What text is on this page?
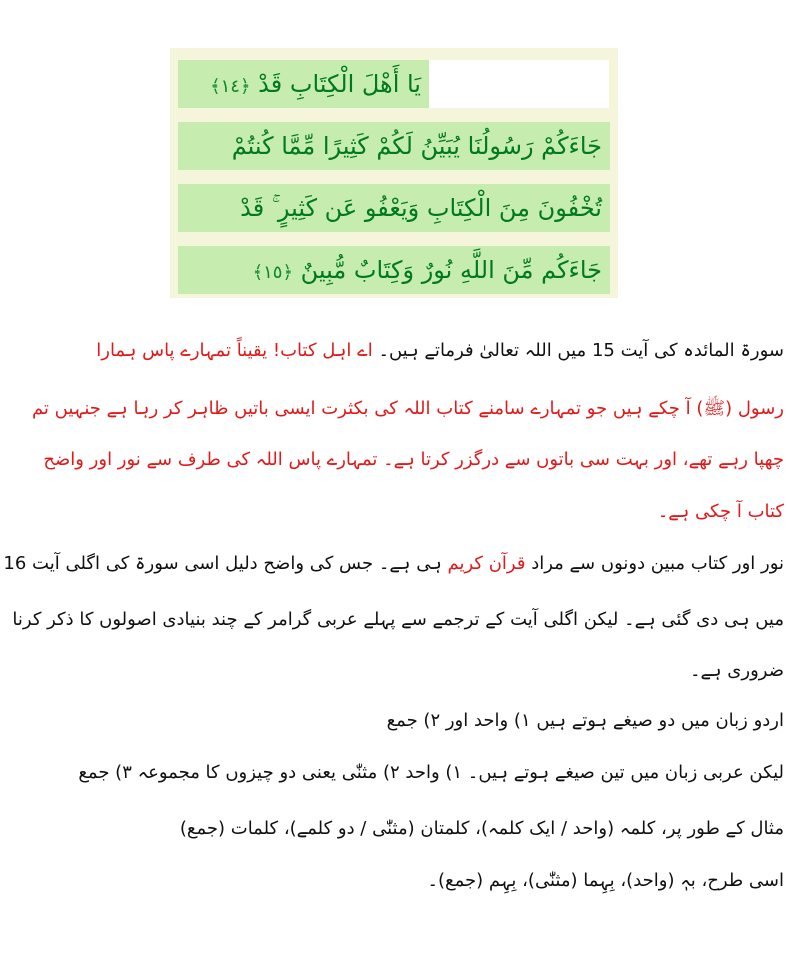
يَا أَهْلَ الْكِتَابِ قَدْ ﴿١٤﴾
جَاءَكُمْ رَسُولُنَا يُبَيِّنُ لَكُمْ كَثِيرًا مِّمَّا كُنتُمْ
تُخْفُونَ مِنَ الْكِتَابِ وَيَعْفُو عَن كَثِيرٍ ۚ قَدْ
جَاءَكُم مِّنَ اللَّهِ نُورٌ وَكِتَابٌ مُّبِينٌ ﴿١٥﴾
سورۃ المائدہ کی آیت 15 میں اللہ تعالیٰ فرماتے ہیں۔ اے اہل کتاب! یقیناً تمہارے پاس ہمارا
رسول (ﷺ) آ چکے ہیں جو تمہارے سامنے کتاب اللہ کی بکثرت ایسی باتیں ظاہر کر رہا ہے جنہیں تم
چھپا رہے تھے، اور بہت سی باتوں سے درگزر کرتا ہے۔ تمہارے پاس اللہ کی طرف سے نور اور واضح
کتاب آ چکی ہے۔
نور اور کتاب مبین دونوں سے مراد قرآن کریم ہی ہے۔ جس کی واضح دلیل اسی سورۃ کی اگلی آیت 16
میں ہی دی گئی ہے۔ لیکن اگلی آیت کے ترجمے سے پہلے عربی گرامر کے چند بنیادی اصولوں کا ذکر کرنا
ضروری ہے۔
اردو زبان میں دو صیغے ہوتے ہیں ۱) واحد اور ۲) جمع
لیکن عربی زبان میں تین صیغے ہوتے ہیں۔ ۱) واحد ۲) مثنّٰی یعنی دو چیزوں کا مجموعہ ۳) جمع
مثال کے طور پر، کلمہ (واحد / ایک کلمہ)، کلمتان (مثنّٰی / دو کلمے)، کلمات (جمع)
اسی طرح، بہٖ (واحد)، بِہِما (مثنّٰی)، بِہِم (جمع)۔
